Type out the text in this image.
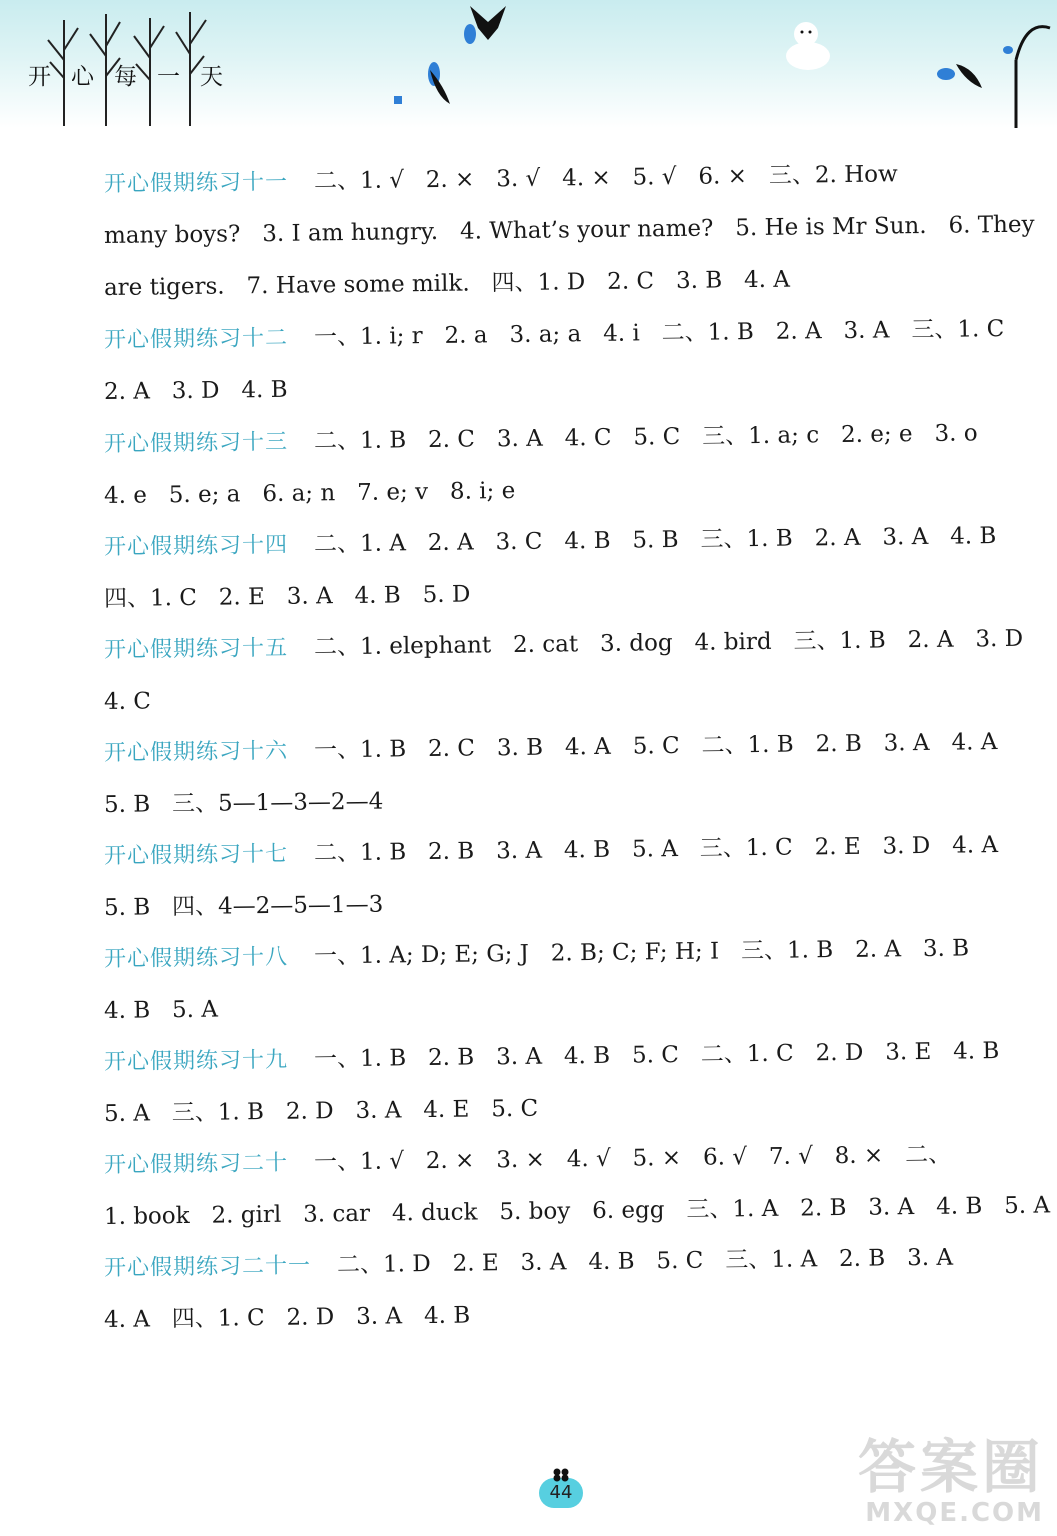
开心每一天
开心假期练习十一 二、1. √   2. ×   3. √   4. ×   5. √   6. ×   三、2. How
many boys?   3. I am hungry.   4. What’s your name?   5. He is Mr Sun.   6. They
are tigers.   7. Have some milk.   四、1. D   2. C   3. B   4. A
开心假期练习十二 一、1. i; r   2. a   3. a; a   4. i   二、1. B   2. A   3. A   三、1. C
2. A   3. D   4. B
开心假期练习十三 二、1. B   2. C   3. A   4. C   5. C   三、1. a; c   2. e; e   3. o
4. e   5. e; a   6. a; n   7. e; v   8. i; e
开心假期练习十四 二、1. A   2. A   3. C   4. B   5. B   三、1. B   2. A   3. A   4. B
四、1. C   2. E   3. A   4. B   5. D
开心假期练习十五 二、1. elephant   2. cat   3. dog   4. bird   三、1. B   2. A   3. D
4. C
开心假期练习十六 一、1. B   2. C   3. B   4. A   5. C   二、1. B   2. B   3. A   4. A
5. B   三、5—1—3—2—4
开心假期练习十七 二、1. B   2. B   3. A   4. B   5. A   三、1. C   2. E   3. D   4. A
5. B   四、4—2—5—1—3
开心假期练习十八 一、1. A; D; E; G; J   2. B; C; F; H; I   三、1. B   2. A   3. B
4. B   5. A
开心假期练习十九 一、1. B   2. B   3. A   4. B   5. C   二、1. C   2. D   3. E   4. B
5. A   三、1. B   2. D   3. A   4. E   5. C
开心假期练习二十 一、1. √   2. ×   3. ×   4. √   5. ×   6. √   7. √   8. ×   二、
1. book   2. girl   3. car   4. duck   5. boy   6. egg   三、1. A   2. B   3. A   4. B   5. A
开心假期练习二十一 二、1. D   2. E   3. A   4. B   5. C   三、1. A   2. B   3. A
4. A   四、1. C   2. D   3. A   4. B
44	答案圈
MXQE.COM
